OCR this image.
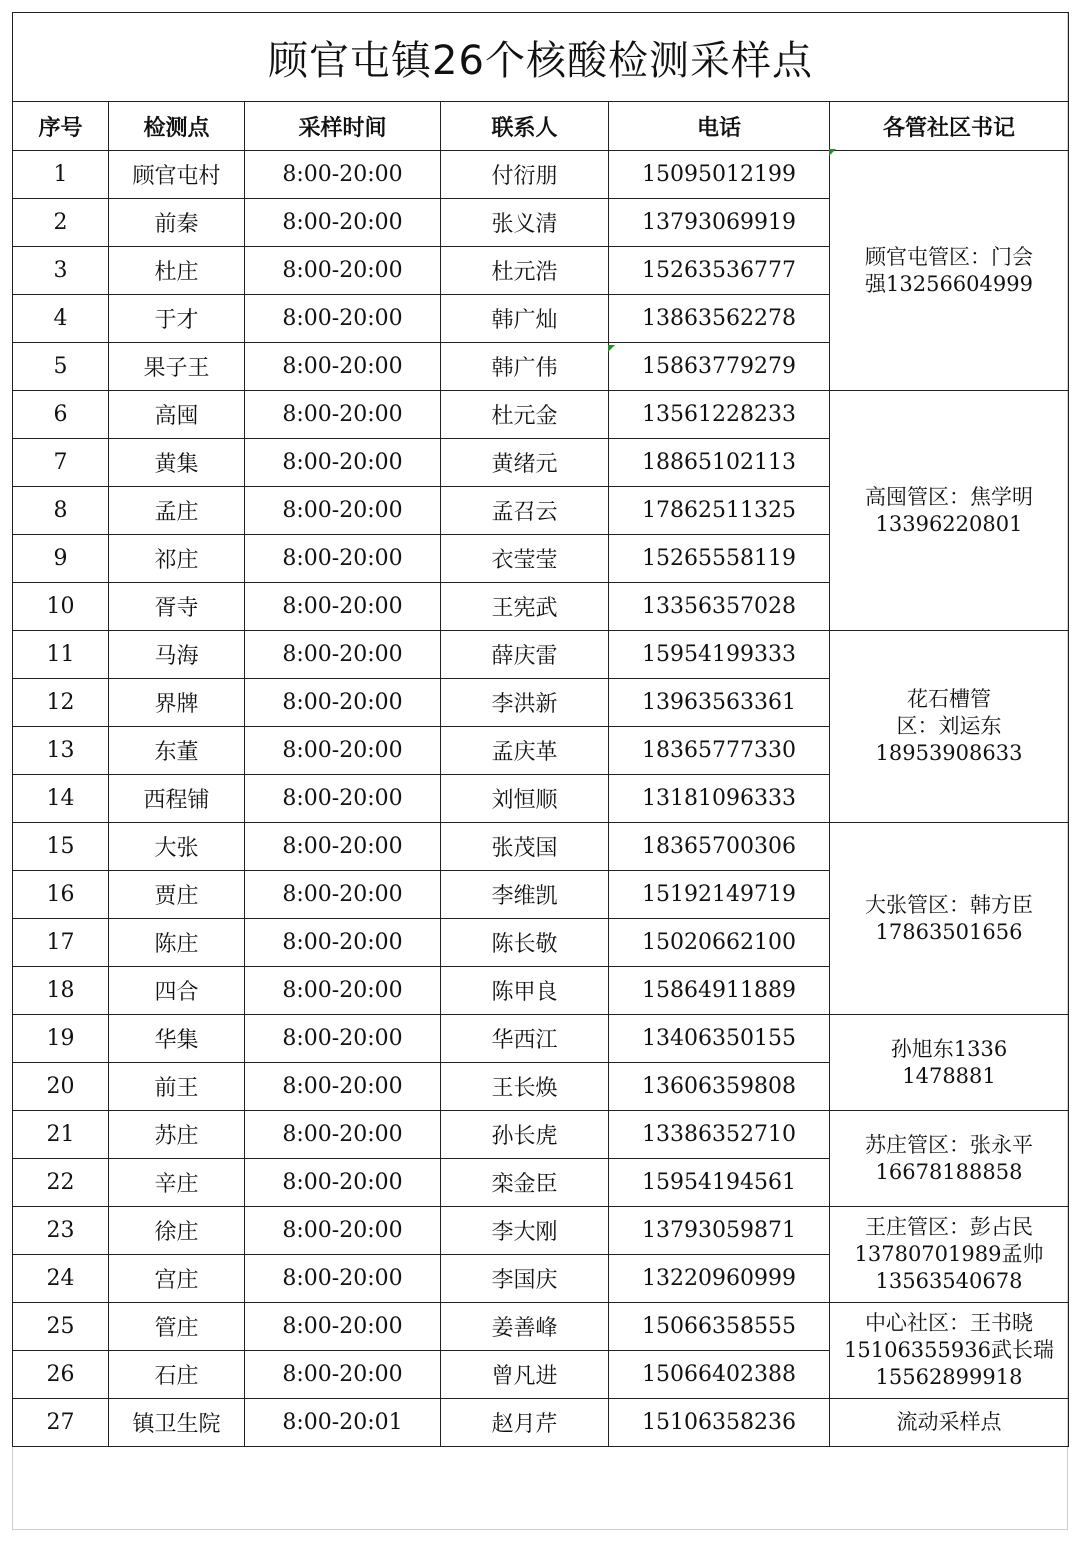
顾官屯镇26个核酸检测采样点					
序号	检测点	采样时间	联系人	电话	各管社区书记
1	顾官屯村	8:00-20:00	付衍朋	15095012199	顾官屯管区：门会
强13256604999

2	前秦	8:00-20:00	张义清	13793069919	
3	杜庄	8:00-20:00	杜元浩	15263536777	
4	于才	8:00-20:00	韩广灿	13863562278	
5	果子王	8:00-20:00	韩广伟	15863779279	
6	高囤	8:00-20:00	杜元金	13561228233	高囤管区：焦学明
13396220801

7	黄集	8:00-20:00	黄绪元	18865102113	
8	孟庄	8:00-20:00	孟召云	17862511325	
9	祁庄	8:00-20:00	衣莹莹	15265558119	
10	胥寺	8:00-20:00	王宪武	13356357028	
11	马海	8:00-20:00	薛庆雷	15954199333	花石槽管
区：刘运东
18953908633

12	界牌	8:00-20:00	李洪新	13963563361	
13	东董	8:00-20:00	孟庆革	18365777330	
14	西程铺	8:00-20:00	刘恒顺	13181096333	
15	大张	8:00-20:00	张茂国	18365700306	大张管区：韩方臣
17863501656

16	贾庄	8:00-20:00	李维凯	15192149719	
17	陈庄	8:00-20:00	陈长敬	15020662100	
18	四合	8:00-20:00	陈甲良	15864911889	
19	华集	8:00-20:00	华西江	13406350155	孙旭东1336
1478881

20	前王	8:00-20:00	王长焕	13606359808	
21	苏庄	8:00-20:00	孙长虎	13386352710	苏庄管区：张永平
16678188858

22	辛庄	8:00-20:00	栾金臣	15954194561	
23	徐庄	8:00-20:00	李大刚	13793059871	王庄管区：彭占民
13780701989孟帅
13563540678

24	宫庄	8:00-20:00	李国庆	13220960999	
25	管庄	8:00-20:00	姜善峰	15066358555	中心社区：王书晓
15106355936武长瑞
15562899918

26	石庄	8:00-20:00	曾凡进	15066402388	
27	镇卫生院	8:00-20:01	赵月芹	15106358236	流动采样点
